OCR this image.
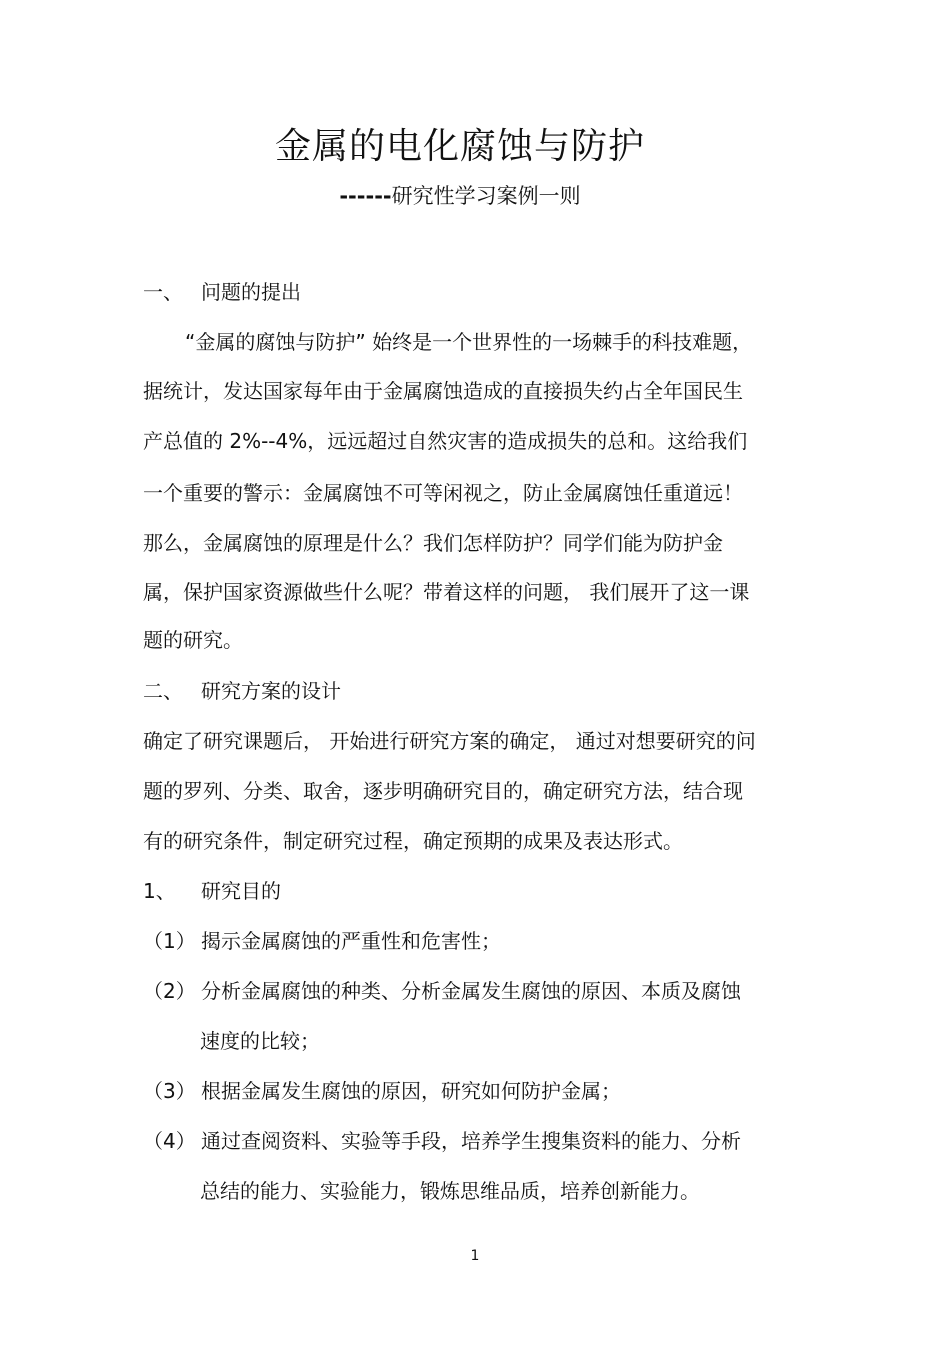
金属的电化腐蚀与防护
------研究性学习案例一则
一、 问题的提出
“金属的腐蚀与防护” 始终是一个世界性的一场棘手的科技难题，
据统计，发达国家每年由于金属腐蚀造成的直接损失约占全年国民生
产总值的 2%--4%，远远超过自然灾害的造成损失的总和。这给我们
一个重要的警示：金属腐蚀不可等闲视之，防止金属腐蚀任重道远！
那么，金属腐蚀的原理是什么？我们怎样防护？同学们能为防护金
属，保护国家资源做些什么呢？带着这样的问题， 我们展开了这一课
题的研究。
二、 研究方案的设计
确定了研究课题后， 开始进行研究方案的确定， 通过对想要研究的问
题的罗列、分类、取舍，逐步明确研究目的，确定研究方法，结合现
有的研究条件，制定研究过程，确定预期的成果及表达形式。
1、 研究目的
（1） 揭示金属腐蚀的严重性和危害性；
（2） 分析金属腐蚀的种类、分析金属发生腐蚀的原因、本质及腐蚀
速度的比较；
（3） 根据金属发生腐蚀的原因，研究如何防护金属；
（4） 通过查阅资料、实验等手段，培养学生搜集资料的能力、分析
总结的能力、实验能力，锻炼思维品质，培养创新能力。
1
